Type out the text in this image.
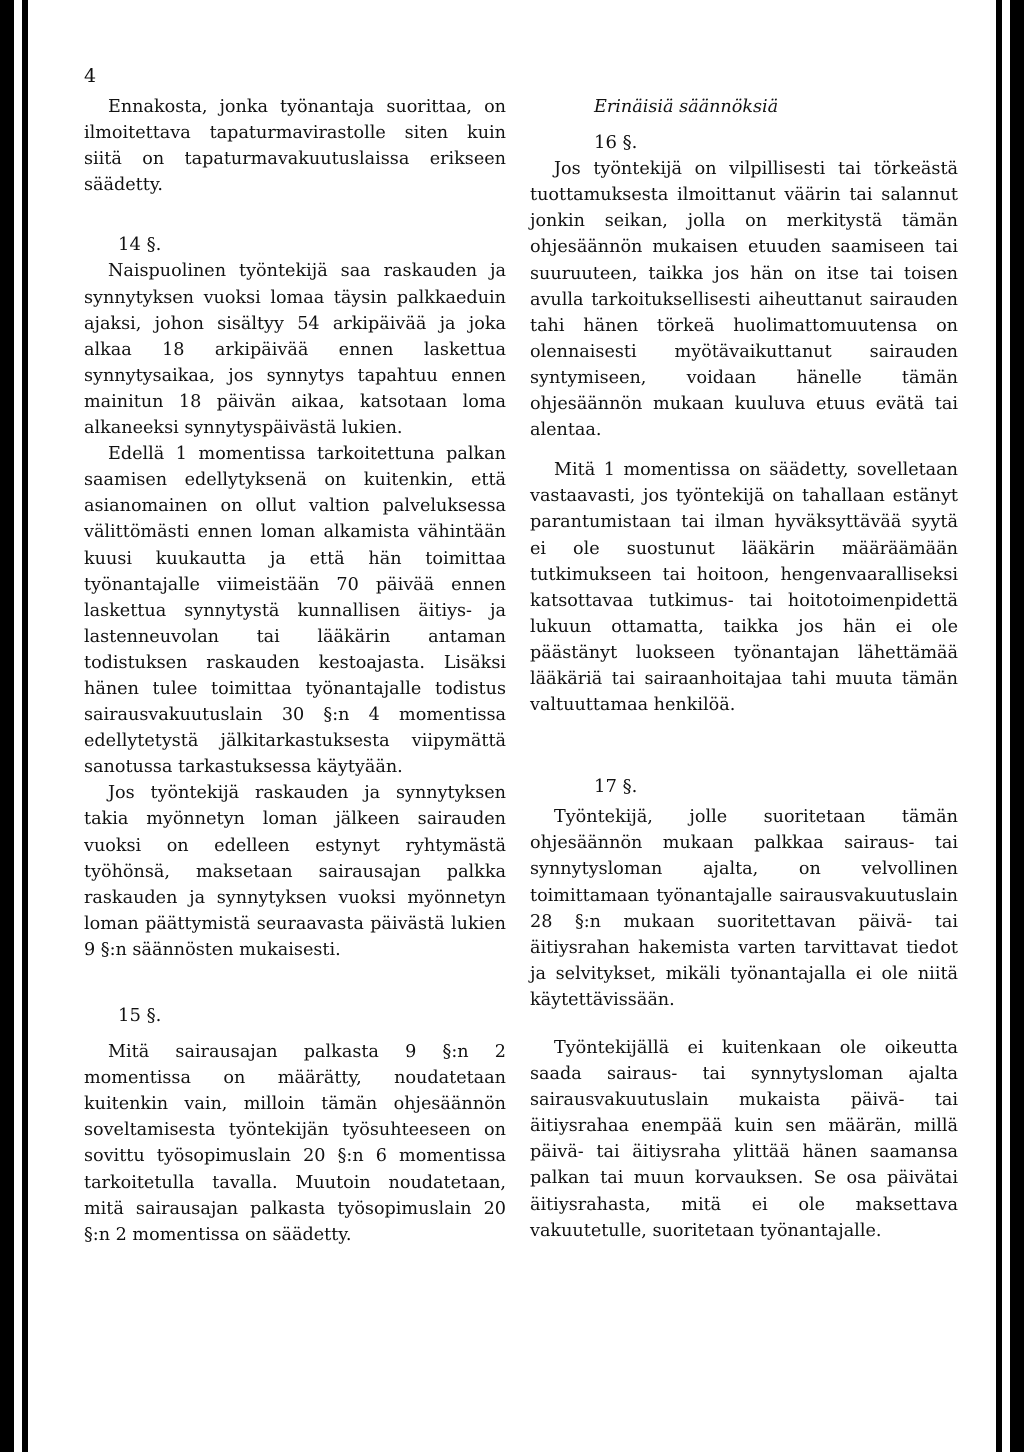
4

Ennakosta, jonka työnantaja suorittaa, on ilmoitettava tapaturmavirastolle siten kuin siitä on tapaturmavakuutuslaissa erikseen säädetty.

14 §.

Naispuolinen työntekijä saa raskauden ja synnytyksen vuoksi lomaa täysin palkkaeduin ajaksi, johon sisältyy 54 arkipäivää ja joka alkaa 18 arkipäivää ennen laskettua synnytysaikaa, jos synnytys tapahtuu ennen mainitun 18 päivän aikaa, katsotaan loma alkaneeksi synnytyspäivästä lukien.

Edellä 1 momentissa tarkoitettuna palkan saamisen edellytyksenä on kuitenkin, että asianomainen on ollut valtion palveluksessa välittömästi ennen loman alkamista vähintään kuusi kuukautta ja että hän toimittaa työnantajalle viimeistään 70 päivää ennen laskettua synnytystä kunnallisen äitiys- ja lastenneuvolan tai lääkärin antaman todistuksen raskauden kestoajasta. Lisäksi hänen tulee toimittaa työnantajalle todistus sairausvakuutuslain 30 §:n 4 momentissa edellytetystä jälkitarkastuksesta viipymättä sanotussa tarkastuksessa käytyään.

Jos työntekijä raskauden ja synnytyksen takia myönnetyn loman jälkeen sairauden vuoksi on edelleen estynyt ryhtymästä työhönsä, maksetaan sairausajan palkka raskauden ja synnytyksen vuoksi myönnetyn loman päättymistä seuraavasta päivästä lukien 9 §:n säännösten mukaisesti.

15 §.

Mitä sairausajan palkasta 9 §:n 2 momentissa on määrätty, noudatetaan kuitenkin vain, milloin tämän ohjesäännön soveltamisesta työntekijän työsuhteeseen on sovittu työsopimuslain 20 §:n 6 momentissa tarkoitetulla tavalla. Muutoin noudatetaan, mitä sairausajan palkasta työsopimuslain 20 §:n 2 momentissa on säädetty.

Erinäisiä säännöksiä

16 §.

Jos työntekijä on vilpillisesti tai törkeästä tuottamuksesta ilmoittanut väärin tai salannut jonkin seikan, jolla on merkitystä tämän ohjesäännön mukaisen etuuden saamiseen tai suuruuteen, taikka jos hän on itse tai toisen avulla tarkoituksellisesti aiheuttanut sairauden tahi hänen törkeä huolimattomuutensa on olennaisesti myötävaikuttanut sairauden syntymiseen, voidaan hänelle tämän ohjesäännön mukaan kuuluva etuus evätä tai alentaa.

Mitä 1 momentissa on säädetty, sovelletaan vastaavasti, jos työntekijä on tahallaan estänyt parantumistaan tai ilman hyväksyttävää syytä ei ole suostunut lääkärin määräämään tutkimukseen tai hoitoon, hengenvaaralliseksi katsottavaa tutkimus- tai hoitotoimenpidettä lukuun ottamatta, taikka jos hän ei ole päästänyt luokseen työnantajan lähettämää lääkäriä tai sairaanhoitajaa tahi muuta tämän valtuuttamaa henkilöä.

17 §.

Työntekijä, jolle suoritetaan tämän ohjesäännön mukaan palkkaa sairaus- tai synnytysloman ajalta, on velvollinen toimittamaan työnantajalle sairausvakuutuslain 28 §:n mukaan suoritettavan päivä- tai äitiysrahan hakemista varten tarvittavat tiedot ja selvitykset, mikäli työnantajalla ei ole niitä käytettävissään.

Työntekijällä ei kuitenkaan ole oikeutta saada sairaus- tai synnytysloman ajalta sairausvakuutuslain mukaista päivä- tai äitiysrahaa enempää kuin sen määrän, millä päivä- tai äitiysraha ylittää hänen saamansa palkan tai muun korvauksen. Se osa päivätai äitiysrahasta, mitä ei ole maksettava vakuutetulle, suoritetaan työnantajalle.
